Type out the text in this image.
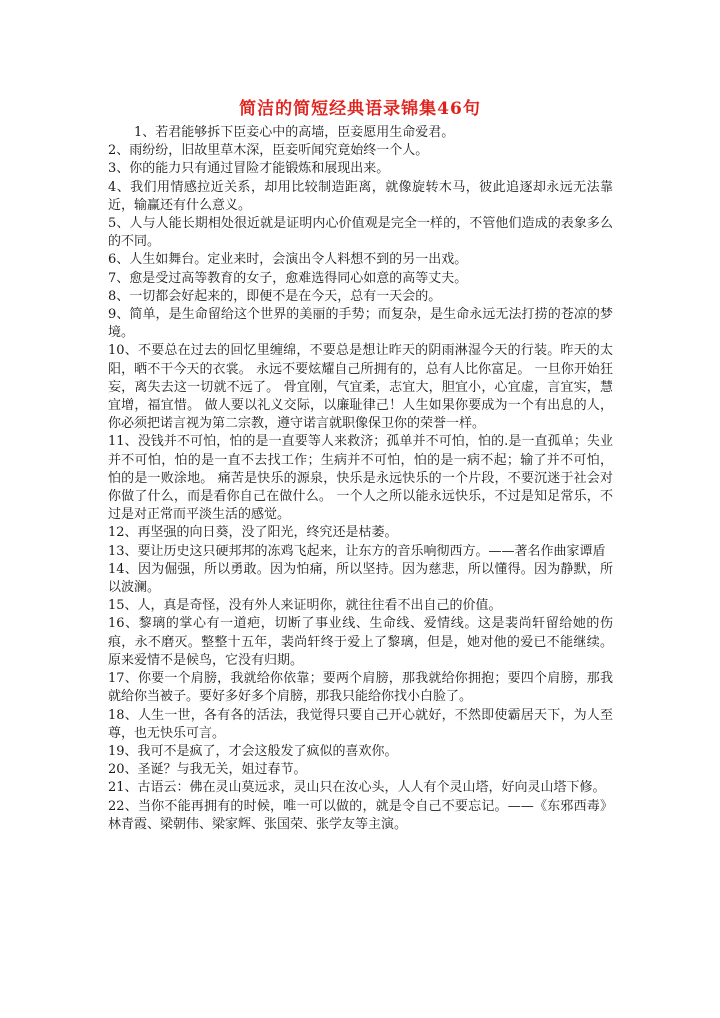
简洁的简短经典语录锦集46句

1、若君能够拆下臣妾心中的高墙，臣妾愿用生命爱君。

2、雨纷纷，旧故里草木深，臣妾听闻究竟始终一个人。

3、你的能力只有通过冒险才能锻炼和展现出来。

4、我们用情感拉近关系，却用比较制造距离，就像旋转木马，彼此追逐却永远无法靠近，输赢还有什么意义。

5、人与人能长期相处很近就是证明内心价值观是完全一样的，不管他们造成的表象多么的不同。

6、人生如舞台。定业来时，会演出令人料想不到的另一出戏。

7、愈是受过高等教育的女子，愈难选得同心如意的高等丈夫。

8、一切都会好起来的，即便不是在今天，总有一天会的。

9、简单，是生命留给这个世界的美丽的手势；而复杂，是生命永远无法打捞的苍凉的梦境。

10、不要总在过去的回忆里缠绵，不要总是想让昨天的阴雨淋湿今天的行装。昨天的太阳，晒不干今天的衣裳。 永远不要炫耀自己所拥有的，总有人比你富足。 一旦你开始狂妄，离失去这一切就不远了。 骨宜刚，气宜柔，志宜大，胆宜小，心宜虚，言宜实，慧宜增，福宜惜。 做人要以礼义交际，以廉耻律己！人生如果你要成为一个有出息的人，你必须把诺言视为第二宗教，遵守诺言就职像保卫你的荣誉一样。

11、没钱并不可怕，怕的是一直要等人来救济；孤单并不可怕，怕的.是一直孤单；失业并不可怕，怕的是一直不去找工作；生病并不可怕，怕的是一病不起；输了并不可怕，怕的是一败涂地。 痛苦是快乐的源泉，快乐是永远快乐的一个片段，不要沉迷于社会对你做了什么，而是看你自己在做什么。 一个人之所以能永远快乐，不过是知足常乐，不过是对正常而平淡生活的感觉。

12、再坚强的向日葵，没了阳光，终究还是枯萎。

13、要让历史这只硬邦邦的冻鸡飞起来，让东方的音乐响彻西方。——著名作曲家谭盾

14、因为倔强，所以勇敢。因为怕痛，所以坚持。因为慈悲，所以懂得。因为静默，所以波澜。

15、人，真是奇怪，没有外人来证明你，就往往看不出自己的价值。

16、黎璃的掌心有一道疤，切断了事业线、生命线、爱情线。这是裴尚轩留给她的伤痕，永不磨灭。整整十五年，裴尚轩终于爱上了黎璃，但是，她对他的爱已不能继续。原来爱情不是候鸟，它没有归期。

17、你要一个肩膀，我就给你依靠；要两个肩膀，那我就给你拥抱；要四个肩膀，那我就给你当被子。要好多好多个肩膀，那我只能给你找小白脸了。

18、人生一世，各有各的活法，我觉得只要自己开心就好，不然即使霸居天下，为人至尊，也无快乐可言。

19、我可不是疯了，才会这般发了疯似的喜欢你。

20、圣诞？与我无关，姐过春节。

21、古语云：佛在灵山莫远求，灵山只在汝心头，人人有个灵山塔，好向灵山塔下修。

22、当你不能再拥有的时候，唯一可以做的，就是令自己不要忘记。——《东邪西毒》林青霞、梁朝伟、梁家辉、张国荣、张学友等主演。
